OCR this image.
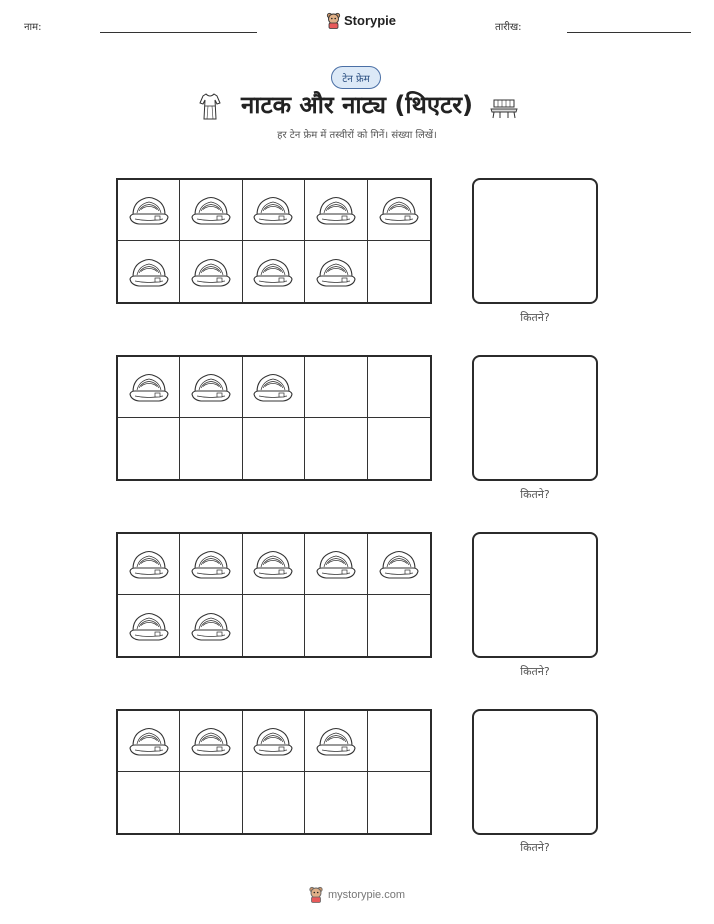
नाम:	Storypie	तारीख:
टेन फ्रेम
नाटक और नाट्य (थिएटर)
हर टेन फ्रेम में तस्वीरों को गिनें। संख्या लिखें।
कितने?
कितने?
कितने?
कितने?
mystorypie.com
